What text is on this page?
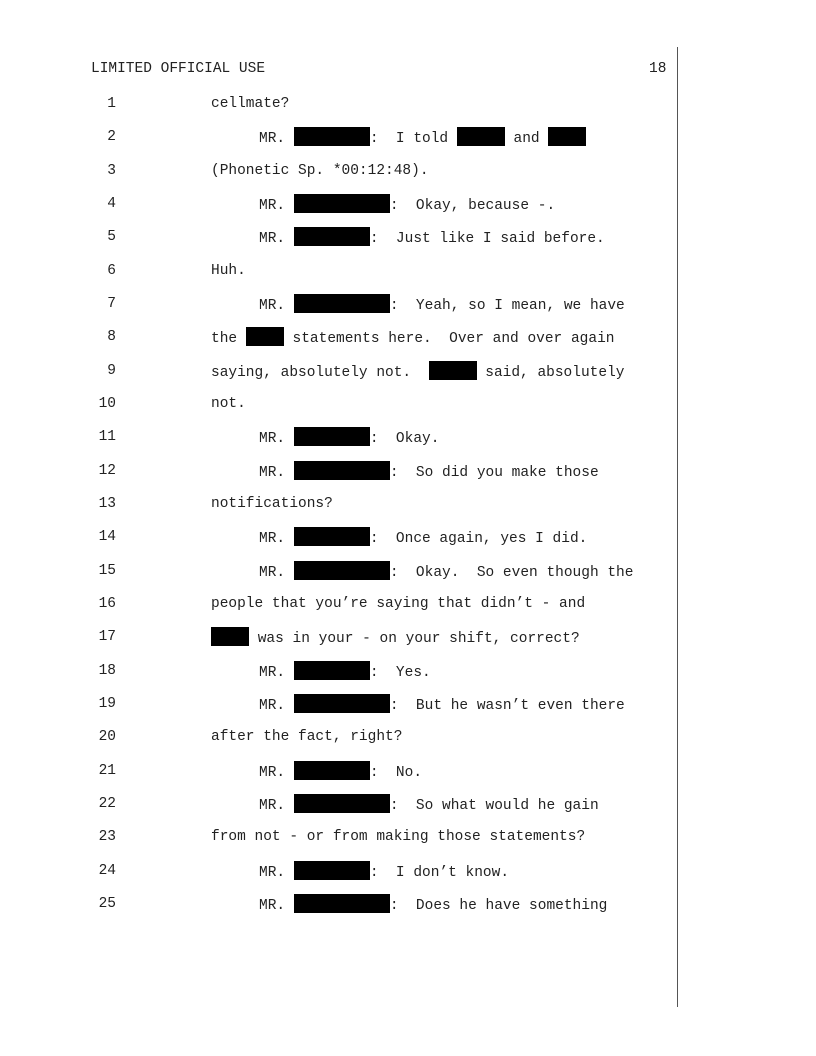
LIMITED OFFICIAL USE	18
1	cellmate?
2	MR.	:  I told	and
3	(Phonetic Sp. *00:12:48).
4	MR.	:  Okay, because -.
5	MR.	:  Just like I said before.
6	Huh.
7	MR.	:  Yeah, so I mean, we have
8	the	statements here.  Over and over again
9	saying, absolutely not.	said, absolutely
10	not.
11	MR.	:  Okay.
12	MR.	:  So did you make those
13	notifications?
14	MR.	:  Once again, yes I did.
15	MR.	:  Okay.  So even though the
16	people that you’re saying that didn’t - and
17	was in your - on your shift, correct?
18	MR.	:  Yes.
19	MR.	:  But he wasn’t even there
20	after the fact, right?
21	MR.	:  No.
22	MR.	:  So what would he gain
23	from not - or from making those statements?
24	MR.	:  I don’t know.
25	MR.	:  Does he have something
